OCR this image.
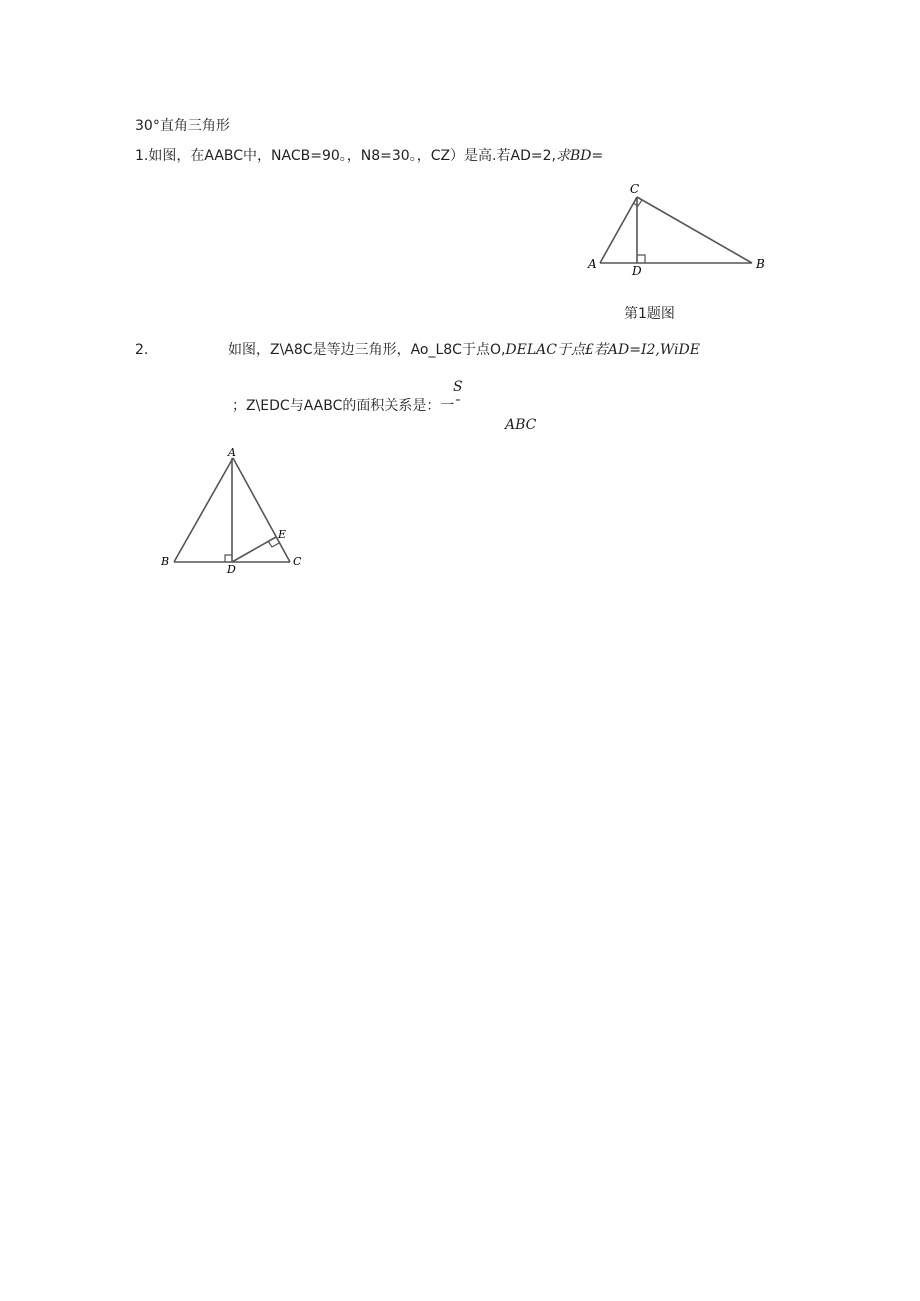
30°直角三角形
1.如图，在AABC中，NACB=90。，N8=30。，CZ）是高.若AD=2,求BD=
C
A	D	B
第1题图
2.	如图，Z\A8C是等边三角形，Ao_L8C于点O,DELAC于点£若AD=I2,WiDE
S
；Z\EDC与AABC的面积关系是：一ˉ
ABC
A
E
B
D
C
